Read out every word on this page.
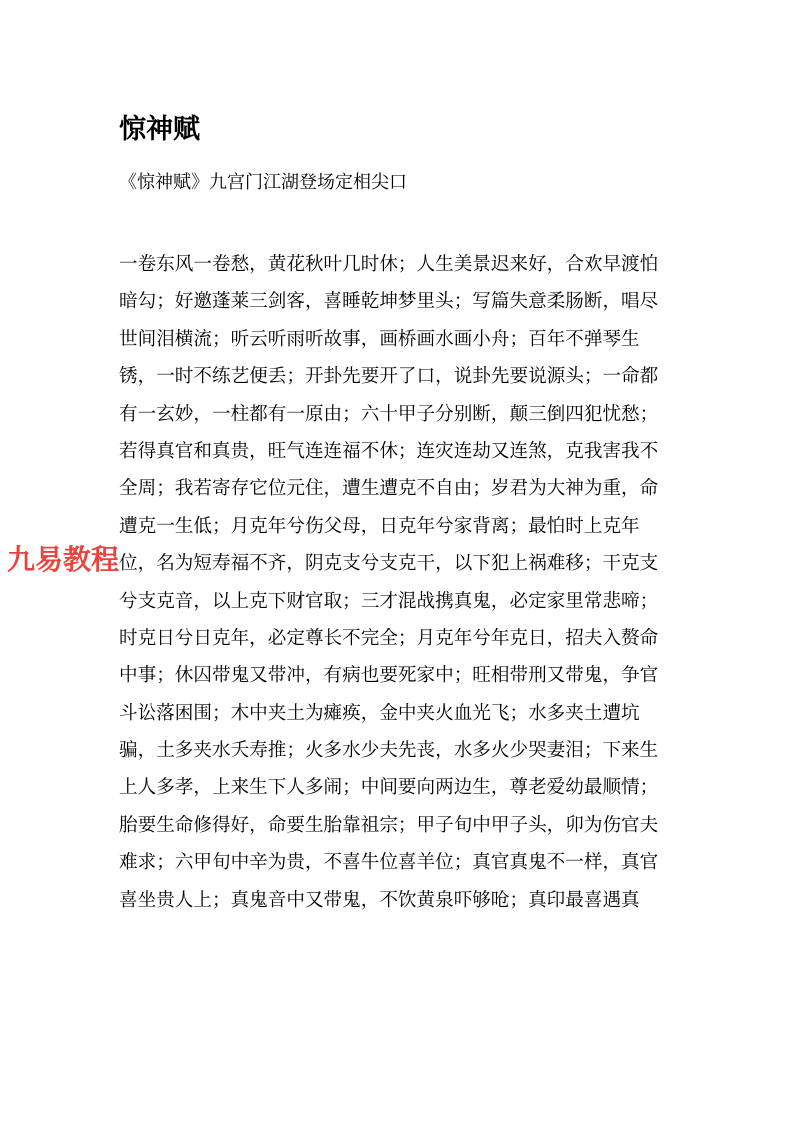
惊神赋

《惊神赋》九宫门江湖登场定相尖口

一卷东风一卷愁，黄花秋叶几时休；人生美景迟来好，合欢早渡怕
暗勾；好邀蓬莱三剑客，喜睡乾坤梦里头；写篇失意柔肠断，唱尽
世间泪横流；听云听雨听故事，画桥画水画小舟；百年不弹琴生
锈，一时不练艺便丢；开卦先要开了口，说卦先要说源头；一命都
有一玄妙，一柱都有一原由；六十甲子分别断，颠三倒四犯忧愁；
若得真官和真贵，旺气连连福不休；连灾连劫又连煞，克我害我不
全周；我若寄存它位元住，遭生遭克不自由；岁君为大神为重，命
遭克一生低；月克年兮伤父母，日克年兮家背离；最怕时上克年
位，名为短寿福不齐，阴克支兮支克干，以下犯上祸难移；干克支
兮支克音，以上克下财官取；三才混战携真鬼，必定家里常悲啼；
时克日兮日克年，必定尊长不完全；月克年兮年克日，招夫入赘命
中事；休囚带鬼又带冲，有病也要死家中；旺相带刑又带鬼，争官
斗讼落困围；木中夹土为瘫痪，金中夹火血光飞；水多夹土遭坑
骗，土多夹水夭寿推；火多水少夫先丧，水多火少哭妻泪；下来生
上人多孝，上来生下人多闹；中间要向两边生，尊老爱幼最顺情；
胎要生命修得好，命要生胎靠祖宗；甲子旬中甲子头，卯为伤官夫
难求；六甲旬中辛为贵，不喜牛位喜羊位；真官真鬼不一样，真官
喜坐贵人上；真鬼音中又带鬼，不饮黄泉吓够呛；真印最喜遇真
九易教程
